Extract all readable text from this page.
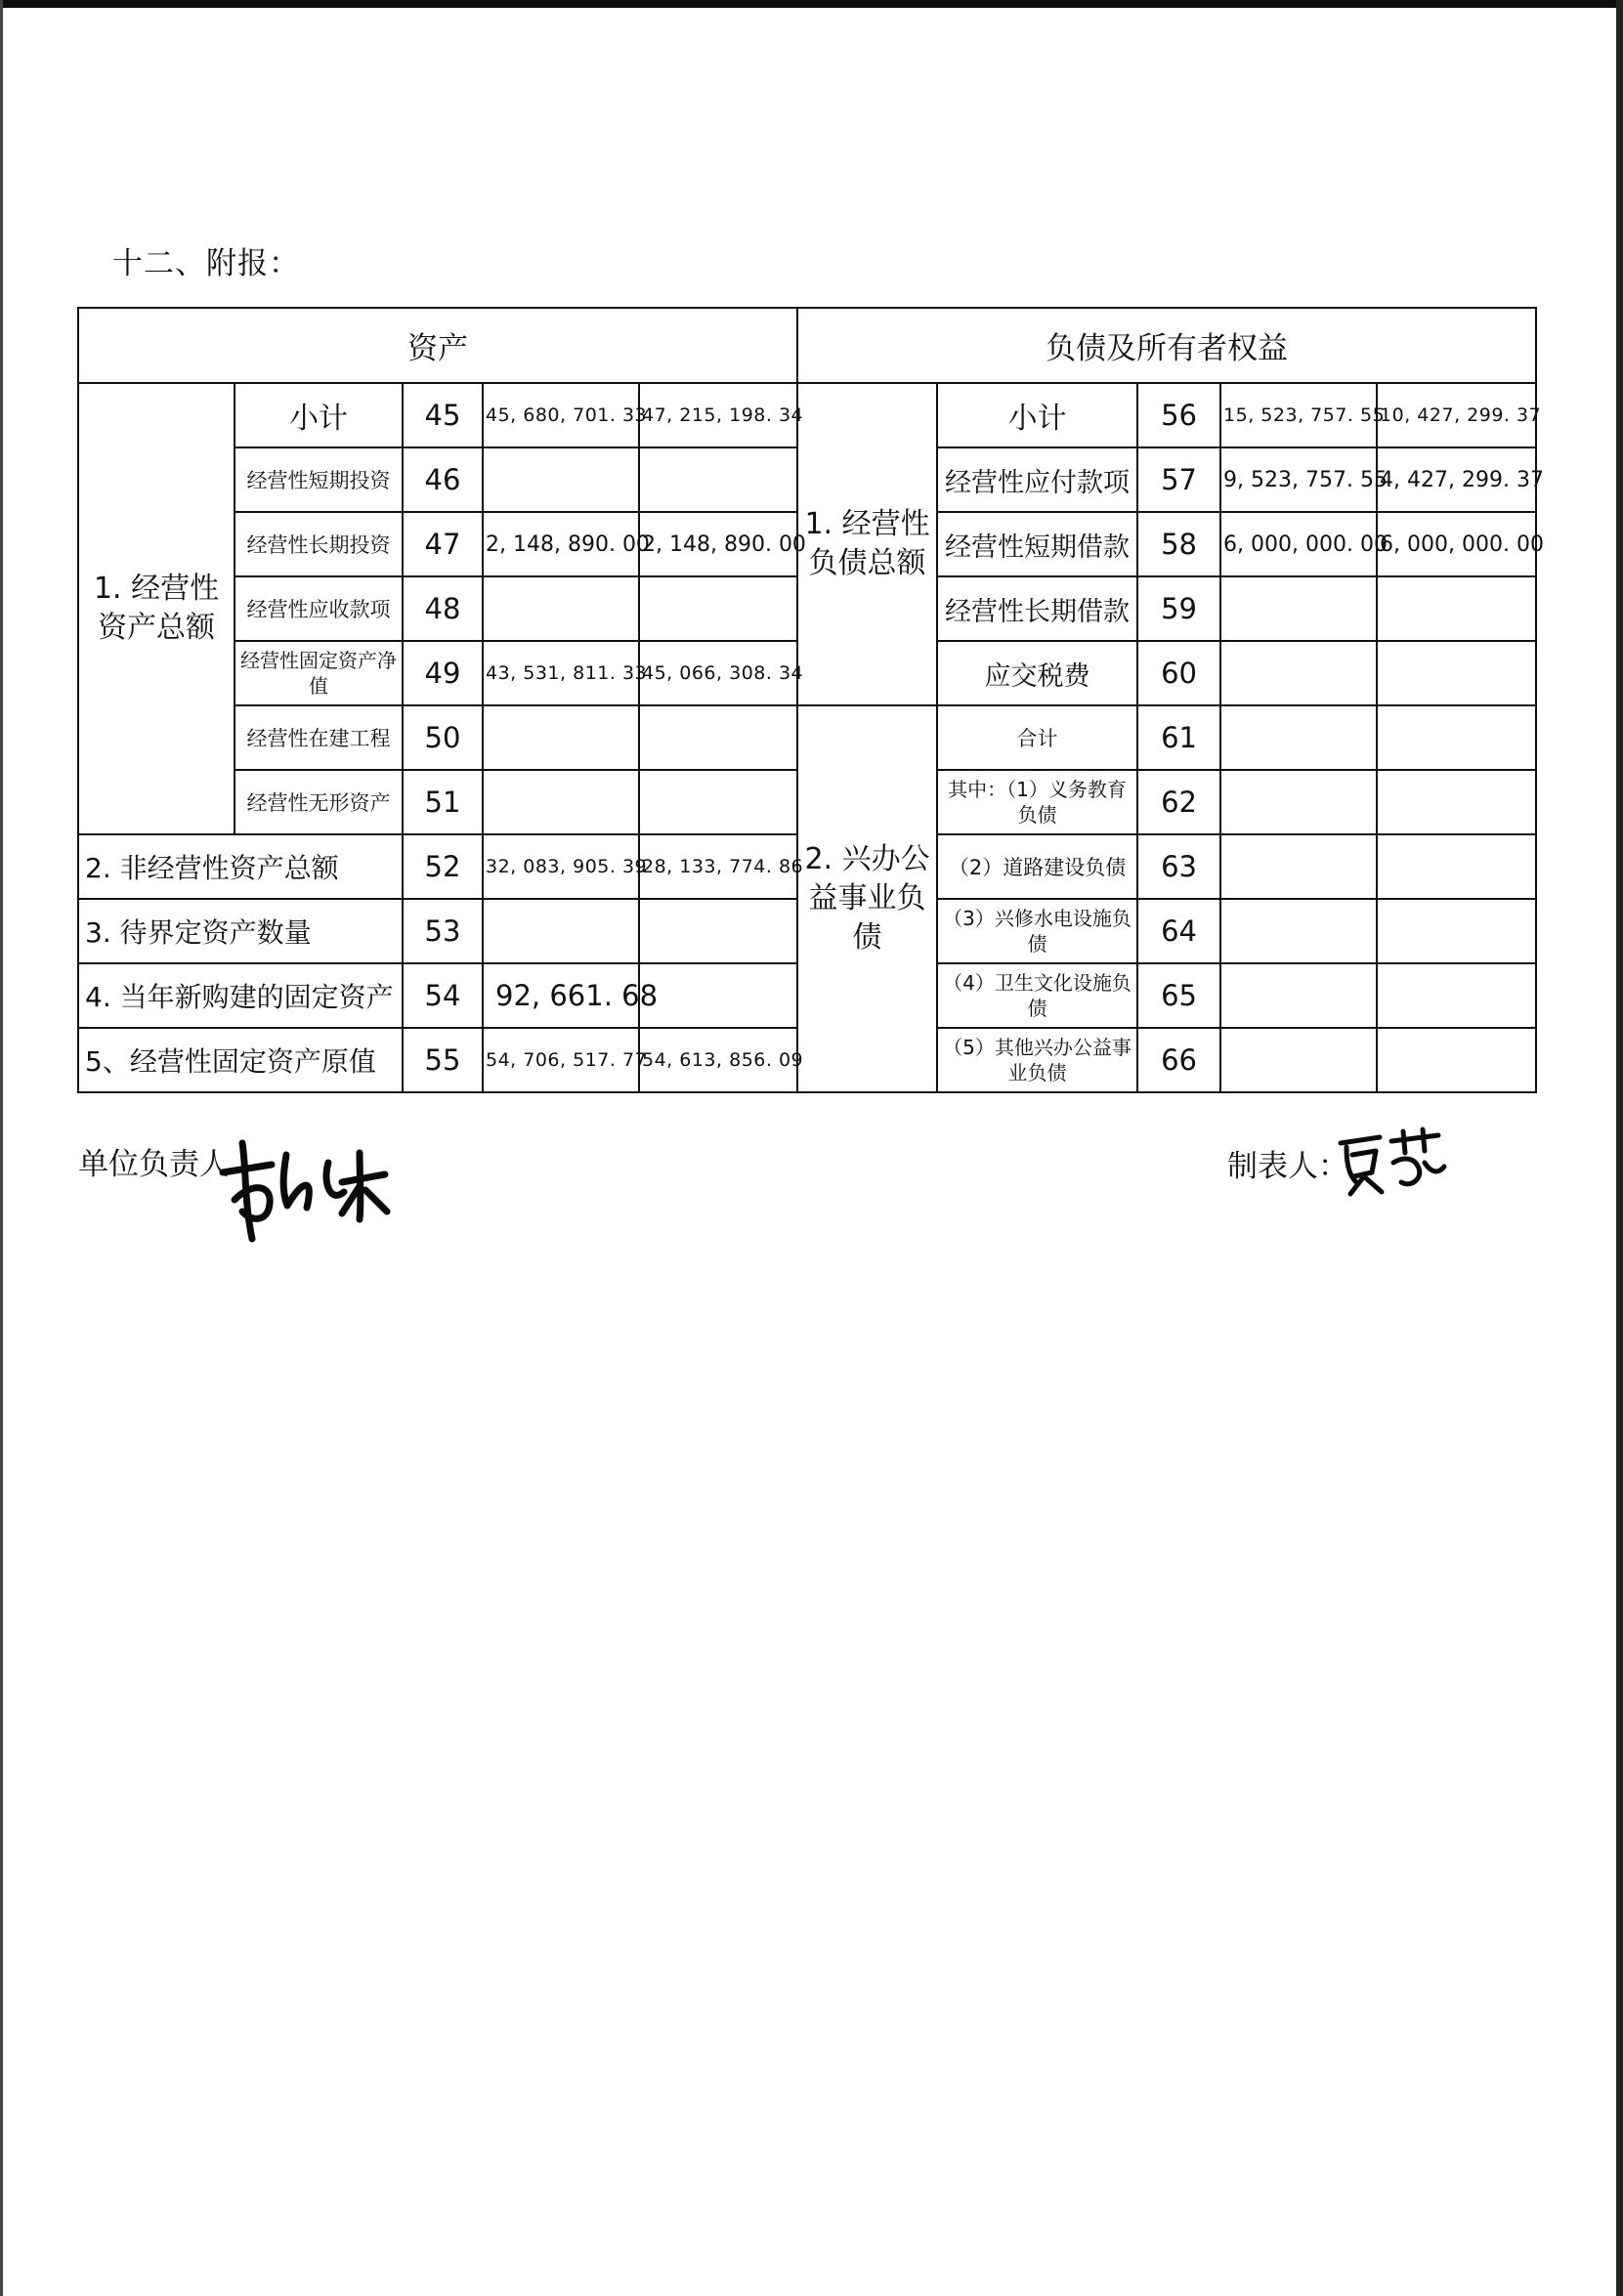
十二、附报：
资产					负债及所有者权益				
1. 经营性资产总额	小计	45	45, 680, 701. 33	47, 215, 198. 34	1. 经营性负债总额	小计	56	15, 523, 757. 55	10, 427, 299. 37
	经营性短期投资	46				经营性应付款项	57	9, 523, 757. 55	4, 427, 299. 37
	经营性长期投资	47	2, 148, 890. 00	2, 148, 890. 00		经营性短期借款	58	6, 000, 000. 00	6, 000, 000. 00
	经营性应收款项	48				经营性长期借款	59		
	经营性固定资产净值	49	43, 531, 811. 33	45, 066, 308. 34		应交税费	60		
	经营性在建工程	50			2. 兴办公益事业负债	合计	61		
	经营性无形资产	51				其中：（1）义务教育负债	62		
2. 非经营性资产总额		52	32, 083, 905. 39	28, 133, 774. 86		（2）道路建设负债	63		
3. 待界定资产数量		53				（3）兴修水电设施负债	64		
4. 当年新购建的固定资产		54	92, 661. 68			（4）卫生文化设施负债	65		
5、经营性固定资产原值		55	54, 706, 517. 77	54, 613, 856. 09		（5）其他兴办公益事业负债	66		
单位负责人	制表人：
